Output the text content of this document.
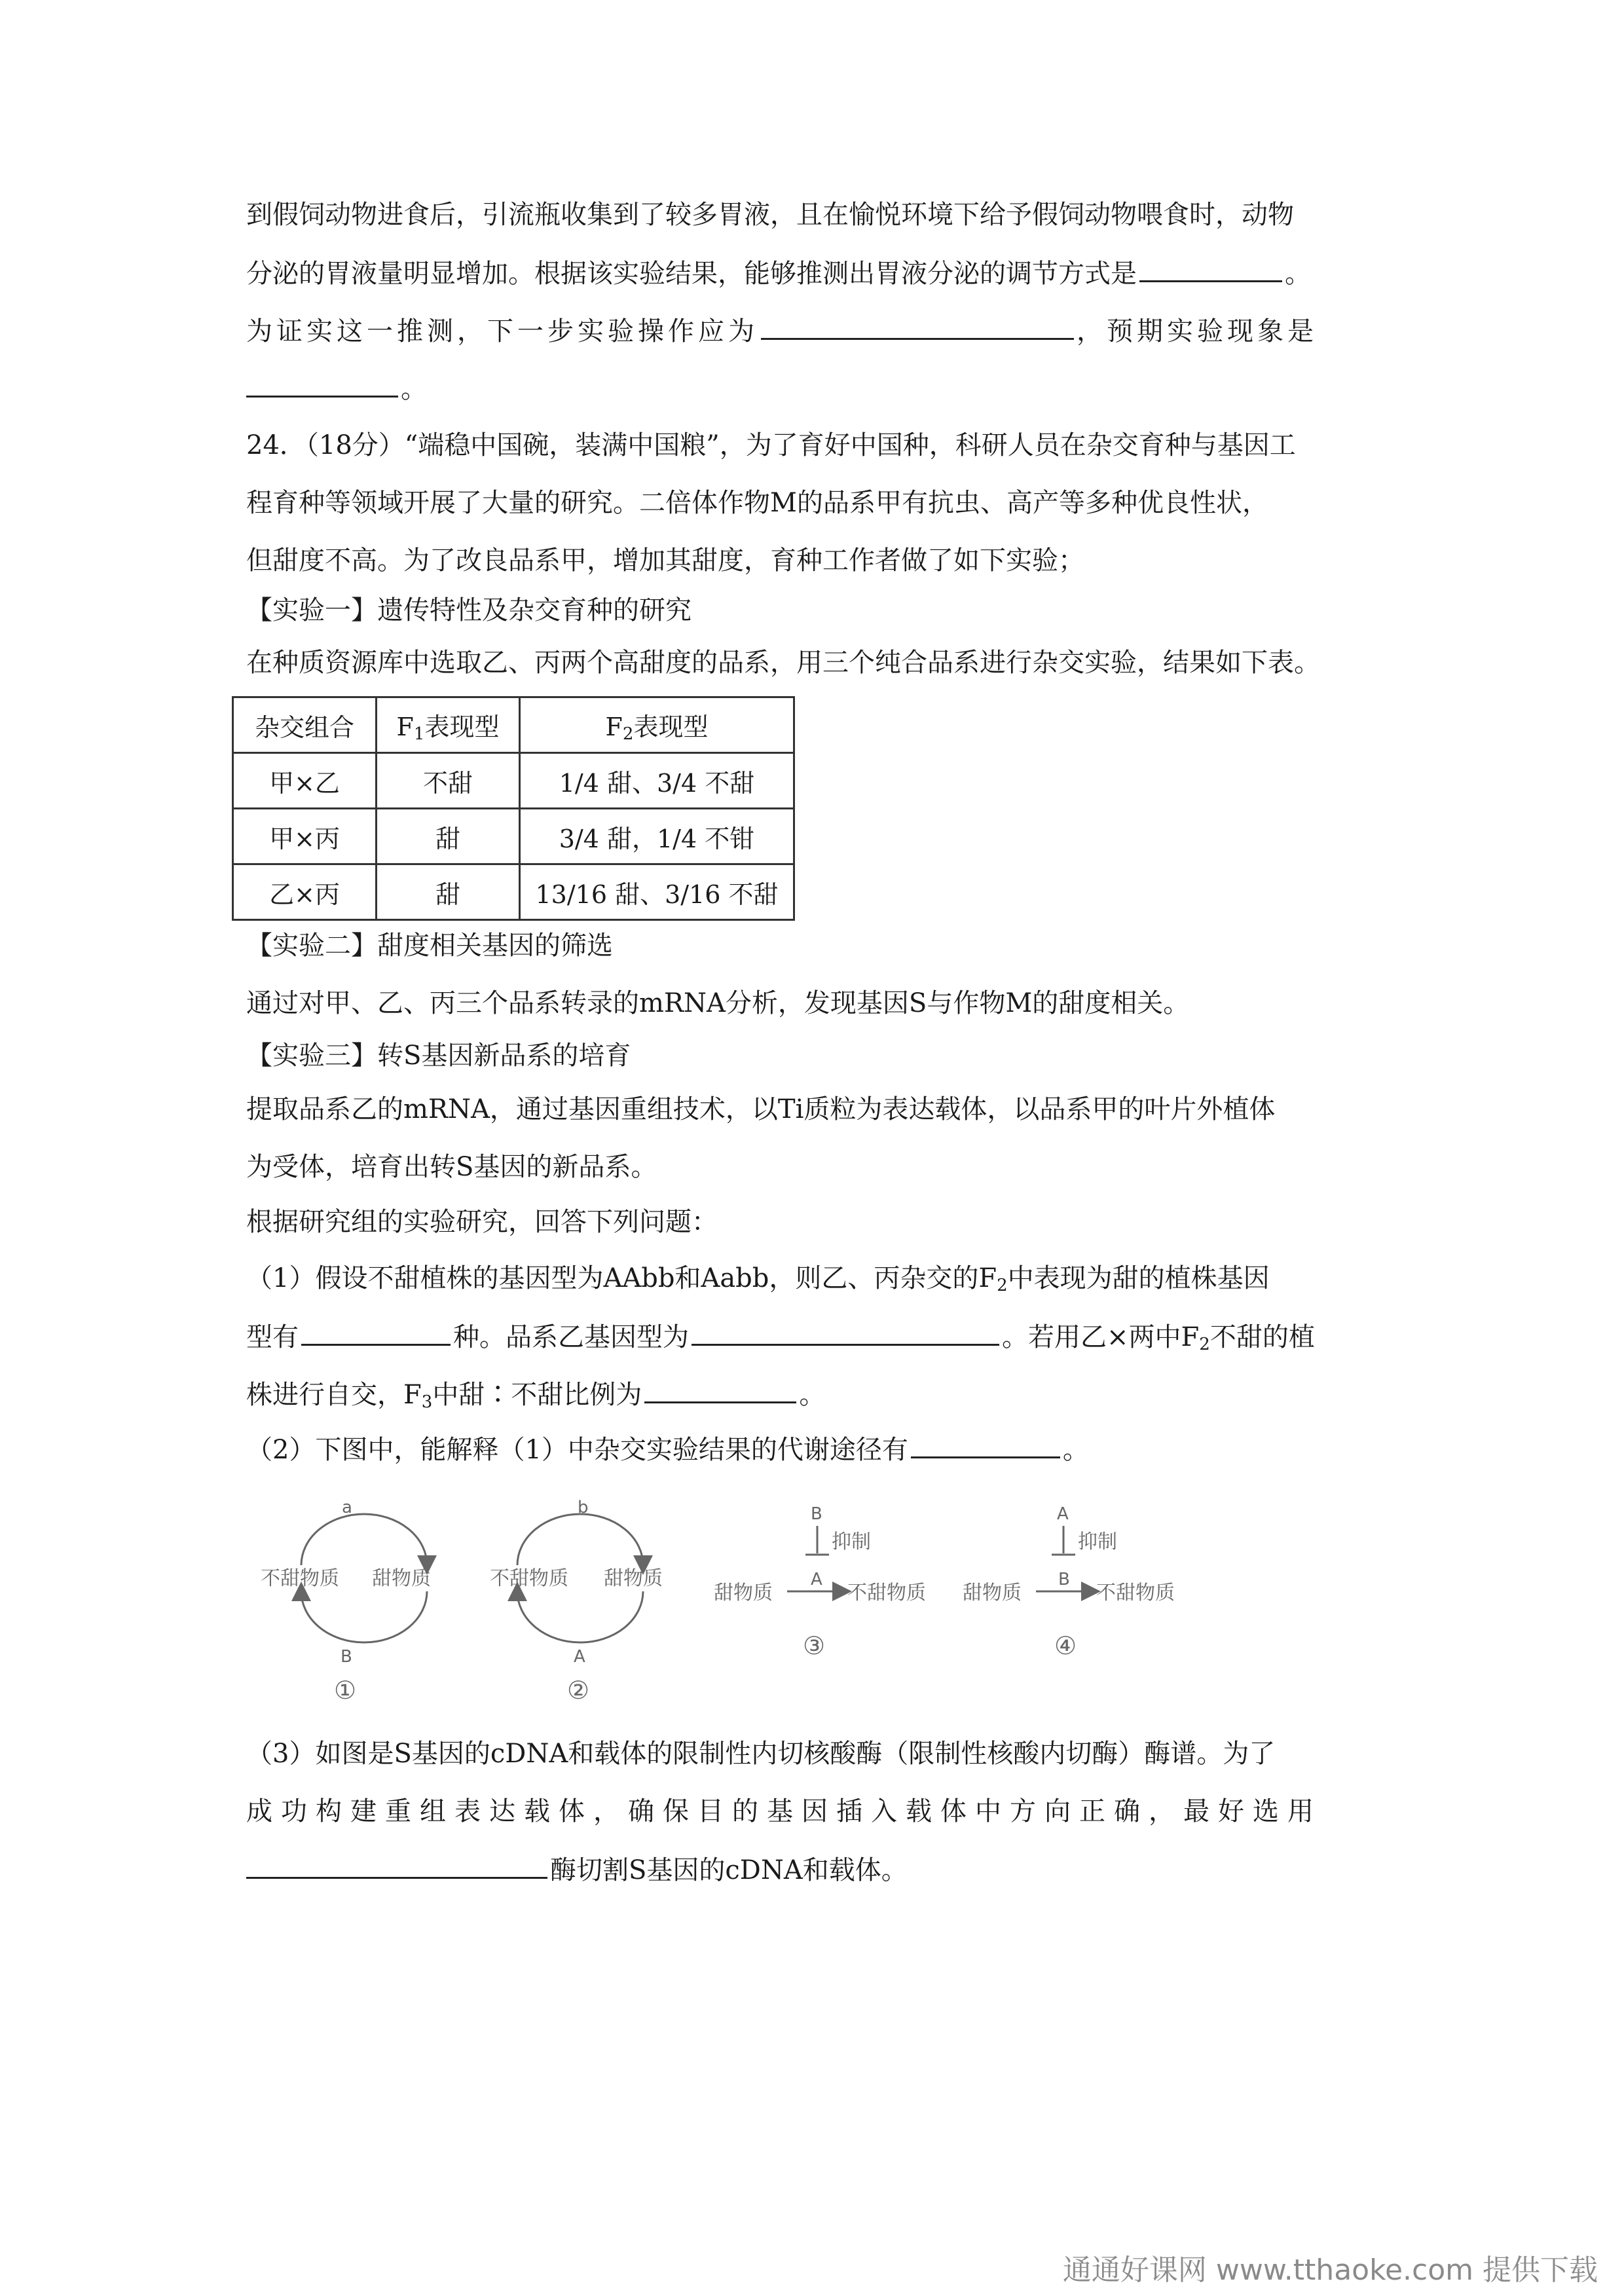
到假饲动物进食后，引流瓶收集到了较多胃液，且在愉悦环境下给予假饲动物喂食时，动物
分泌的胃液量明显增加。根据该实验结果，能够推测出胃液分泌的调节方式是	。
为证实这一推测，下一步实验操作应为	，预期实验现象是
。
24．（18分）“端稳中国碗，装满中国粮”，为了育好中国种，科研人员在杂交育种与基因工
程育种等领域开展了大量的研究。二倍体作物M的品系甲有抗虫、高产等多种优良性状，
但甜度不高。为了改良品系甲，增加其甜度，育种工作者做了如下实验；
【实验一】遗传特性及杂交育种的研究
在种质资源库中选取乙、丙两个高甜度的品系，用三个纯合品系进行杂交实验，结果如下表。
杂交组合	$F_1$表现型	$F_2$表现型
甲×乙	不甜	1/4 甜、3/4 不甜
甲×丙	甜	3/4 甜，1/4 不钳
乙×丙	甜	13/16 甜、3/16 不甜
【实验二】甜度相关基因的筛选
通过对甲、乙、丙三个品系转录的mRNA分析，发现基因S与作物M的甜度相关。
【实验三】转S基因新品系的培育
提取品系乙的mRNA，通过基因重组技术，以Ti质粒为表达载体，以品系甲的叶片外植体
为受体，培育出转S基因的新品系。
根据研究组的实验研究，回答下列问题：
（1）假设不甜植株的基因型为AAbb和Aabb，则乙、丙杂交的$F_2$中表现为甜的植株基因
型有	种。品系乙基因型为	。若用乙×两中$F_2$不甜的植
株进行自交，$F_3$中甜∶不甜比例为	。
（2）下图中，能解释（1）中杂交实验结果的代谢途径有	。
不甜物质 甜物质
a
B
①
不甜物质 甜物质
b
A
②
B
抑制
A
甜物质	不甜物质
③
A
抑制
B
甜物质	不甜物质
④
（3）如图是S基因的cDNA和载体的限制性内切核酸酶（限制性核酸内切酶）酶谱。为了
成功构建重组表达载体，确保目的基因插入载体中方向正确，最好选用
酶切割S基因的cDNA和载体。
通通好课网 www.tthaoke.com 提供下载
